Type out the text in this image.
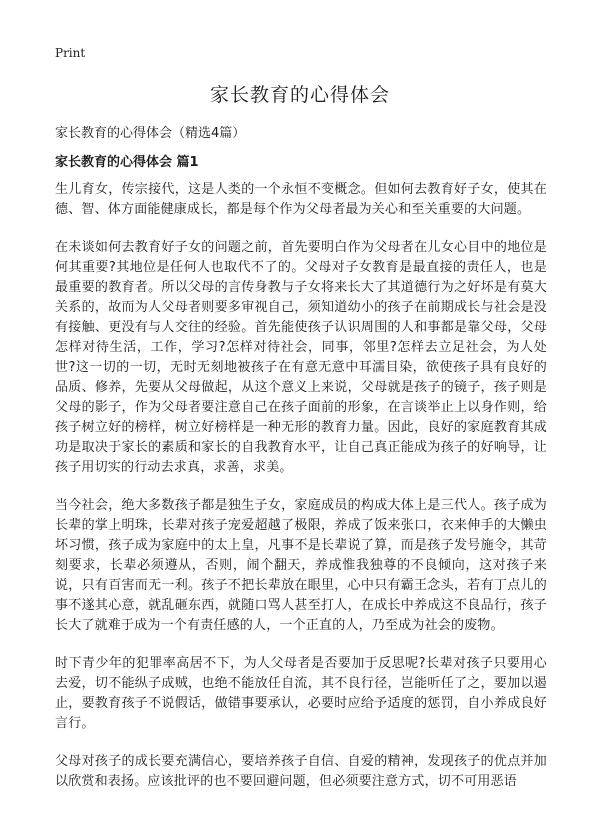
Print
家长教育的心得体会

家长教育的心得体会（精选4篇）

家长教育的心得体会 篇1

生儿育女，传宗接代，这是人类的一个永恒不变概念。但如何去教育好子女，使其在德、智、体方面能健康成长，都是每个作为父母者最为关心和至关重要的大问题。

在未谈如何去教育好子女的问题之前，首先要明白作为父母者在儿女心目中的地位是何其重要?其地位是任何人也取代不了的。父母对子女教育是最直接的责任人，也是最重要的教育者。所以父母的言传身教与子女将来长大了其道德行为之好坏是有莫大关系的，故而为人父母者则要多审视自己，须知道幼小的孩子在前期成长与社会是没有接触、更没有与人交往的经验。首先能使孩子认识周围的人和事都是靠父母，父母怎样对待生活，工作，学习?怎样对待社会，同事，邻里?怎样去立足社会，为人处世?这一切的一切，无时无刻地被孩子在有意无意中耳濡目染，欲使孩子具有良好的品质、修养，先要从父母做起，从这个意义上来说，父母就是孩子的镜子，孩子则是父母的影子，作为父母者要注意自己在孩子面前的形象，在言谈举止上以身作则，给孩子树立好的榜样，树立好榜样是一种无形的教育力量。因此，良好的家庭教育其成功是取决于家长的素质和家长的自我教育水平，让自己真正能成为孩子的好响导，让孩子用切实的行动去求真，求善，求美。

当今社会，绝大多数孩子都是独生子女，家庭成员的构成大体上是三代人。孩子成为长辈的掌上明珠，长辈对孩子宠爱超越了极限，养成了饭来张口，衣来伸手的大懒虫坏习惯，孩子成为家庭中的太上皇，凡事不是长辈说了算，而是孩子发号施令，其苛刻要求，长辈必须遵从，否则，闹个翻天，养成惟我独尊的不良倾向，这对孩子来说，只有百害而无一利。孩子不把长辈放在眼里，心中只有霸王念头，若有丁点儿的事不遂其心意，就乱砸东西，就随口骂人甚至打人，在成长中养成这不良品行，孩子长大了就难于成为一个有责任感的人，一个正直的人，乃至成为社会的废物。

时下青少年的犯罪率高居不下，为人父母者是否要加于反思呢?长辈对孩子只要用心去爱，切不能纵子成贼，也绝不能放任自流，其不良行径，岂能听任了之，要加以遏止，要教育孩子不说假话，做错事要承认，必要时应给予适度的惩罚，自小养成良好言行。

父母对孩子的成长要充满信心，要培养孩子自信、自爱的精神，发现孩子的优点并加以欣赏和表扬。应该批评的也不要回避问题，但必须要注意方式，切不可用恶语
